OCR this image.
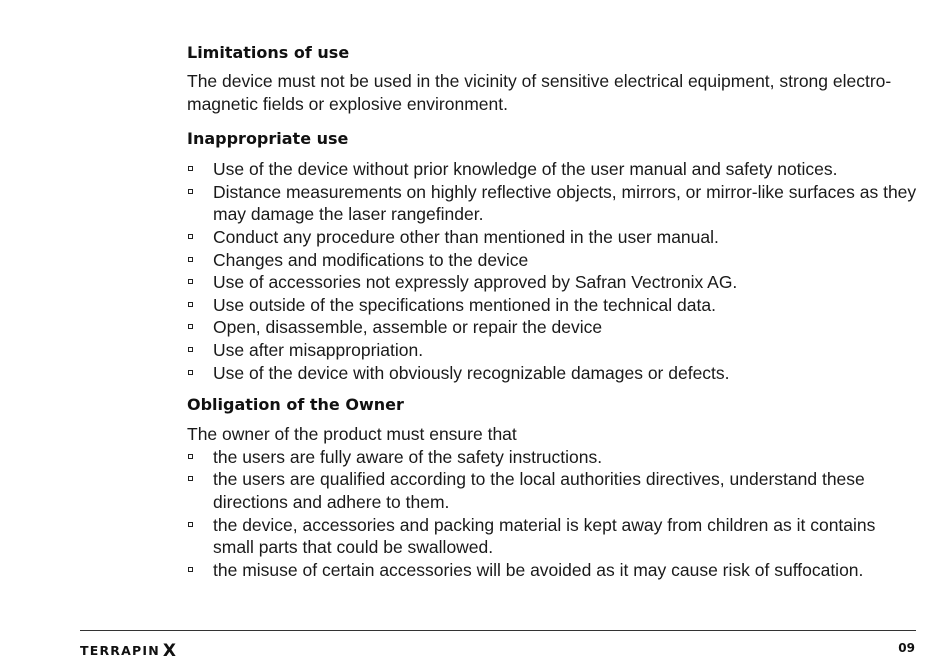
Limitations of use

The device must not be used in the vicinity of sensitive electrical equipment, strong electro-magnetic fields or explosive environment.

Inappropriate use
Use of the device without prior knowledge of the user manual and safety notices.
Distance measurements on highly reflective objects, mirrors, or mirror-like surfaces as they may damage the laser rangefinder.
Conduct any procedure other than mentioned in the user manual.
Changes and modifications to the device
Use of accessories not expressly approved by Safran Vectronix AG.
Use outside of the specifications mentioned in the technical data.
Open, disassemble, assemble or repair the device
Use after misappropriation.
Use of the device with obviously recognizable damages or defects.
Obligation of the Owner

The owner of the product must ensure that

the users are fully aware of the safety instructions.
the users are qualified according to the local authorities directives, understand these directions and adhere to them.
the device, accessories and packing material is kept away from children as it contains small parts that could be swallowed.
the misuse of certain accessories will be avoided as it may cause risk of suffocation.
TERRAPIN X	09
